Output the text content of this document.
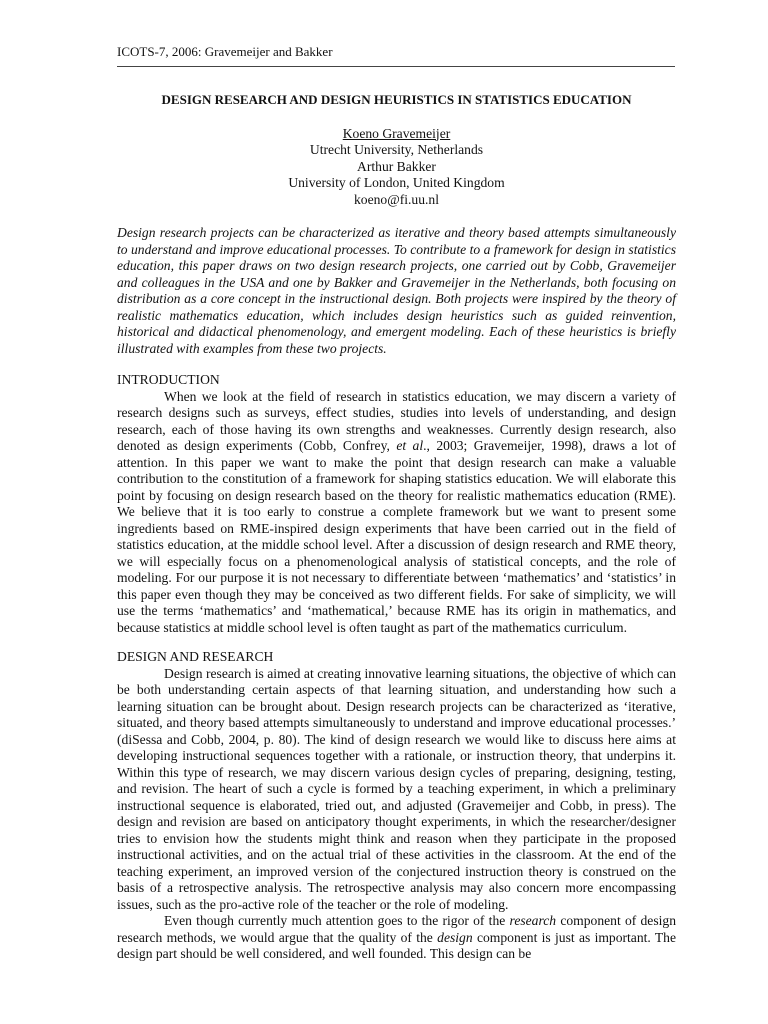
ICOTS-7, 2006: Gravemeijer and Bakker
DESIGN RESEARCH AND DESIGN HEURISTICS IN STATISTICS EDUCATION
Koeno Gravemeijer
Utrecht University, Netherlands
Arthur Bakker
University of London, United Kingdom
koeno@fi.uu.nl

Design research projects can be characterized as iterative and theory based attempts simultaneously to understand and improve educational processes. To contribute to a framework for design in statistics education, this paper draws on two design research projects, one carried out by Cobb, Gravemeijer and colleagues in the USA and one by Bakker and Gravemeijer in the Netherlands, both focusing on distribution as a core concept in the instructional design. Both projects were inspired by the theory of realistic mathematics education, which includes design heuristics such as guided reinvention, historical and didactical phenomenology, and emergent modeling. Each of these heuristics is briefly illustrated with examples from these two projects.

INTRODUCTION

When we look at the field of research in statistics education, we may discern a variety of research designs such as surveys, effect studies, studies into levels of understanding, and design research, each of those having its own strengths and weaknesses. Currently design research, also denoted as design experiments (Cobb, Confrey, et al., 2003; Gravemeijer, 1998), draws a lot of attention. In this paper we want to make the point that design research can make a valuable contribution to the constitution of a framework for shaping statistics education. We will elaborate this point by focusing on design research based on the theory for realistic mathematics education (RME). We believe that it is too early to construe a complete framework but we want to present some ingredients based on RME-inspired design experiments that have been carried out in the field of statistics education, at the middle school level. After a discussion of design research and RME theory, we will especially focus on a phenomenological analysis of statistical concepts, and the role of modeling. For our purpose it is not necessary to differentiate between ‘mathematics’ and ‘statistics’ in this paper even though they may be conceived as two different fields. For sake of simplicity, we will use the terms ‘mathematics’ and ‘mathematical,’ because RME has its origin in mathematics, and because statistics at middle school level is often taught as part of the mathematics curriculum.

DESIGN AND RESEARCH

Design research is aimed at creating innovative learning situations, the objective of which can be both understanding certain aspects of that learning situation, and understanding how such a learning situation can be brought about. Design research projects can be characterized as ‘iterative, situated, and theory based attempts simultaneously to understand and improve educational processes.’ (diSessa and Cobb, 2004, p. 80). The kind of design research we would like to discuss here aims at developing instructional sequences together with a rationale, or instruction theory, that underpins it. Within this type of research, we may discern various design cycles of preparing, designing, testing, and revision. The heart of such a cycle is formed by a teaching experiment, in which a preliminary instructional sequence is elaborated, tried out, and adjusted (Gravemeijer and Cobb, in press). The design and revision are based on anticipatory thought experiments, in which the researcher/designer tries to envision how the students might think and reason when they participate in the proposed instructional activities, and on the actual trial of these activities in the classroom. At the end of the teaching experiment, an improved version of the conjectured instruction theory is construed on the basis of a retrospective analysis. The retrospective analysis may also concern more encompassing issues, such as the pro-active role of the teacher or the role of modeling.

Even though currently much attention goes to the rigor of the research component of design research methods, we would argue that the quality of the design component is just as important. The design part should be well considered, and well founded. This design can be
